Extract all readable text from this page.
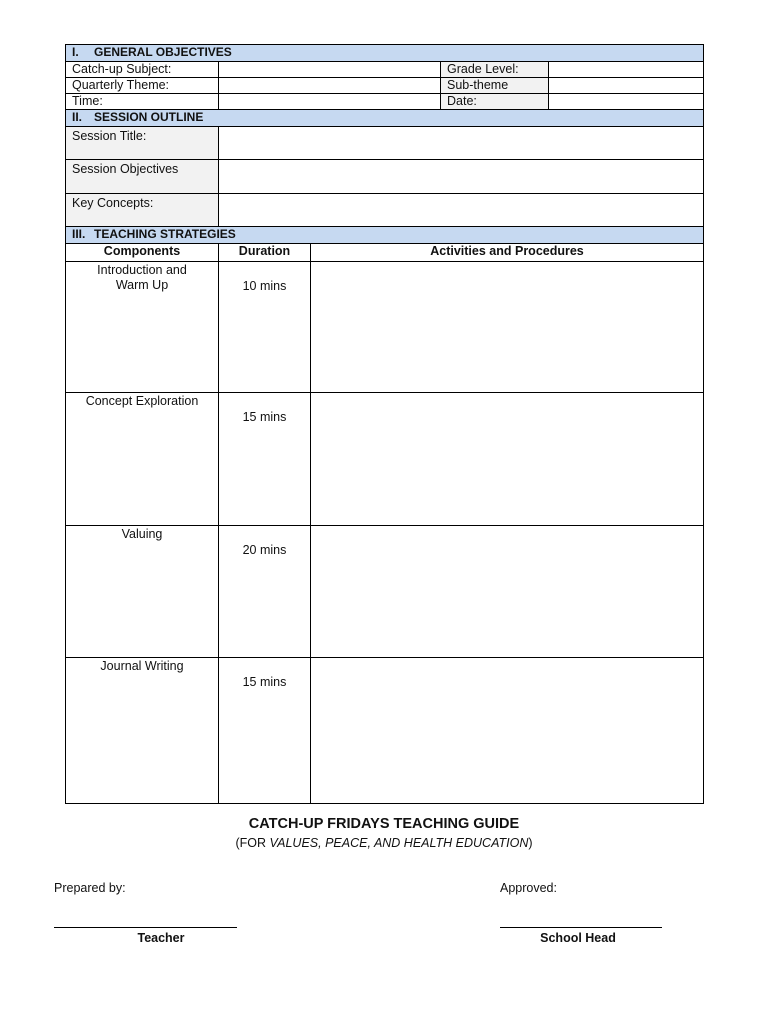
I. GENERAL OBJECTIVES				
Catch-up Subject:			Grade Level:	
Quarterly Theme:			Sub-theme	
Time:			Date:	
II. SESSION OUTLINE				
Session Title:				
Session Objectives				
Key Concepts:				
III. TEACHING STRATEGIES				
Components	Duration	Activities and Procedures		
Introduction and Warm Up	10 mins			
Concept Exploration	15 mins			
Valuing	20 mins			
Journal Writing	15 mins			
CATCH-UP FRIDAYS TEACHING GUIDE
(FOR VALUES, PEACE, AND HEALTH EDUCATION)
Prepared by:	Approved:
Teacher	School Head
